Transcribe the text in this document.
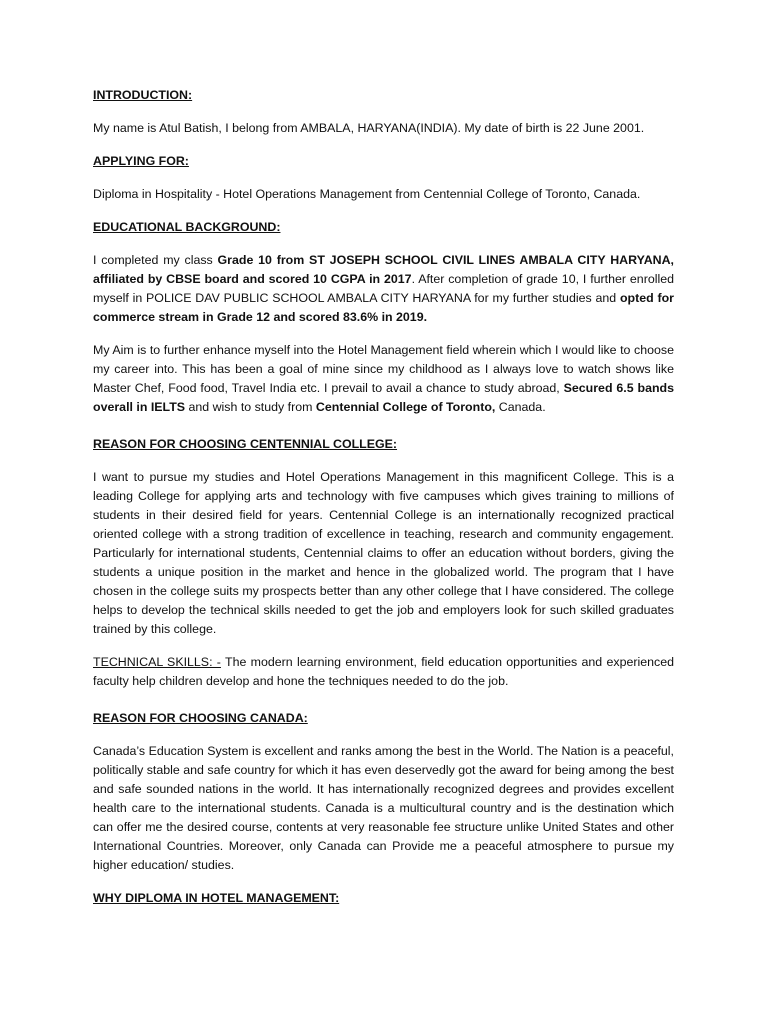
INTRODUCTION:
My name is Atul Batish, I belong from AMBALA, HARYANA(INDIA). My date of birth is 22 June 2001.
APPLYING FOR:
Diploma in Hospitality - Hotel Operations Management from Centennial College of Toronto, Canada.
EDUCATIONAL BACKGROUND:
I completed my class Grade 10 from ST JOSEPH SCHOOL CIVIL LINES AMBALA CITY HARYANA, affiliated by CBSE board and scored 10 CGPA in 2017. After completion of grade 10, I further enrolled myself in POLICE DAV PUBLIC SCHOOL AMBALA CITY HARYANA for my further studies and opted for commerce stream in Grade 12 and scored 83.6% in 2019.
My Aim is to further enhance myself into the Hotel Management field wherein which I would like to choose my career into. This has been a goal of mine since my childhood as I always love to watch shows like Master Chef, Food food, Travel India etc. I prevail to avail a chance to study abroad, Secured 6.5 bands overall in IELTS and wish to study from Centennial College of Toronto, Canada.
REASON FOR CHOOSING CENTENNIAL COLLEGE:
I want to pursue my studies and Hotel Operations Management in this magnificent College. This is a leading College for applying arts and technology with five campuses which gives training to millions of students in their desired field for years. Centennial College is an internationally recognized practical oriented college with a strong tradition of excellence in teaching, research and community engagement. Particularly for international students, Centennial claims to offer an education without borders, giving the students a unique position in the market and hence in the globalized world. The program that I have chosen in the college suits my prospects better than any other college that I have considered. The college helps to develop the technical skills needed to get the job and employers look for such skilled graduates trained by this college.
TECHNICAL SKILLS: - The modern learning environment, field education opportunities and experienced faculty help children develop and hone the techniques needed to do the job.
REASON FOR CHOOSING CANADA:
Canada’s Education System is excellent and ranks among the best in the World. The Nation is a peaceful, politically stable and safe country for which it has even deservedly got the award for being among the best and safe sounded nations in the world. It has internationally recognized degrees and provides excellent health care to the international students. Canada is a multicultural country and is the destination which can offer me the desired course, contents at very reasonable fee structure unlike United States and other International Countries. Moreover, only Canada can Provide me a peaceful atmosphere to pursue my higher education/ studies.
WHY DIPLOMA IN HOTEL MANAGEMENT:
